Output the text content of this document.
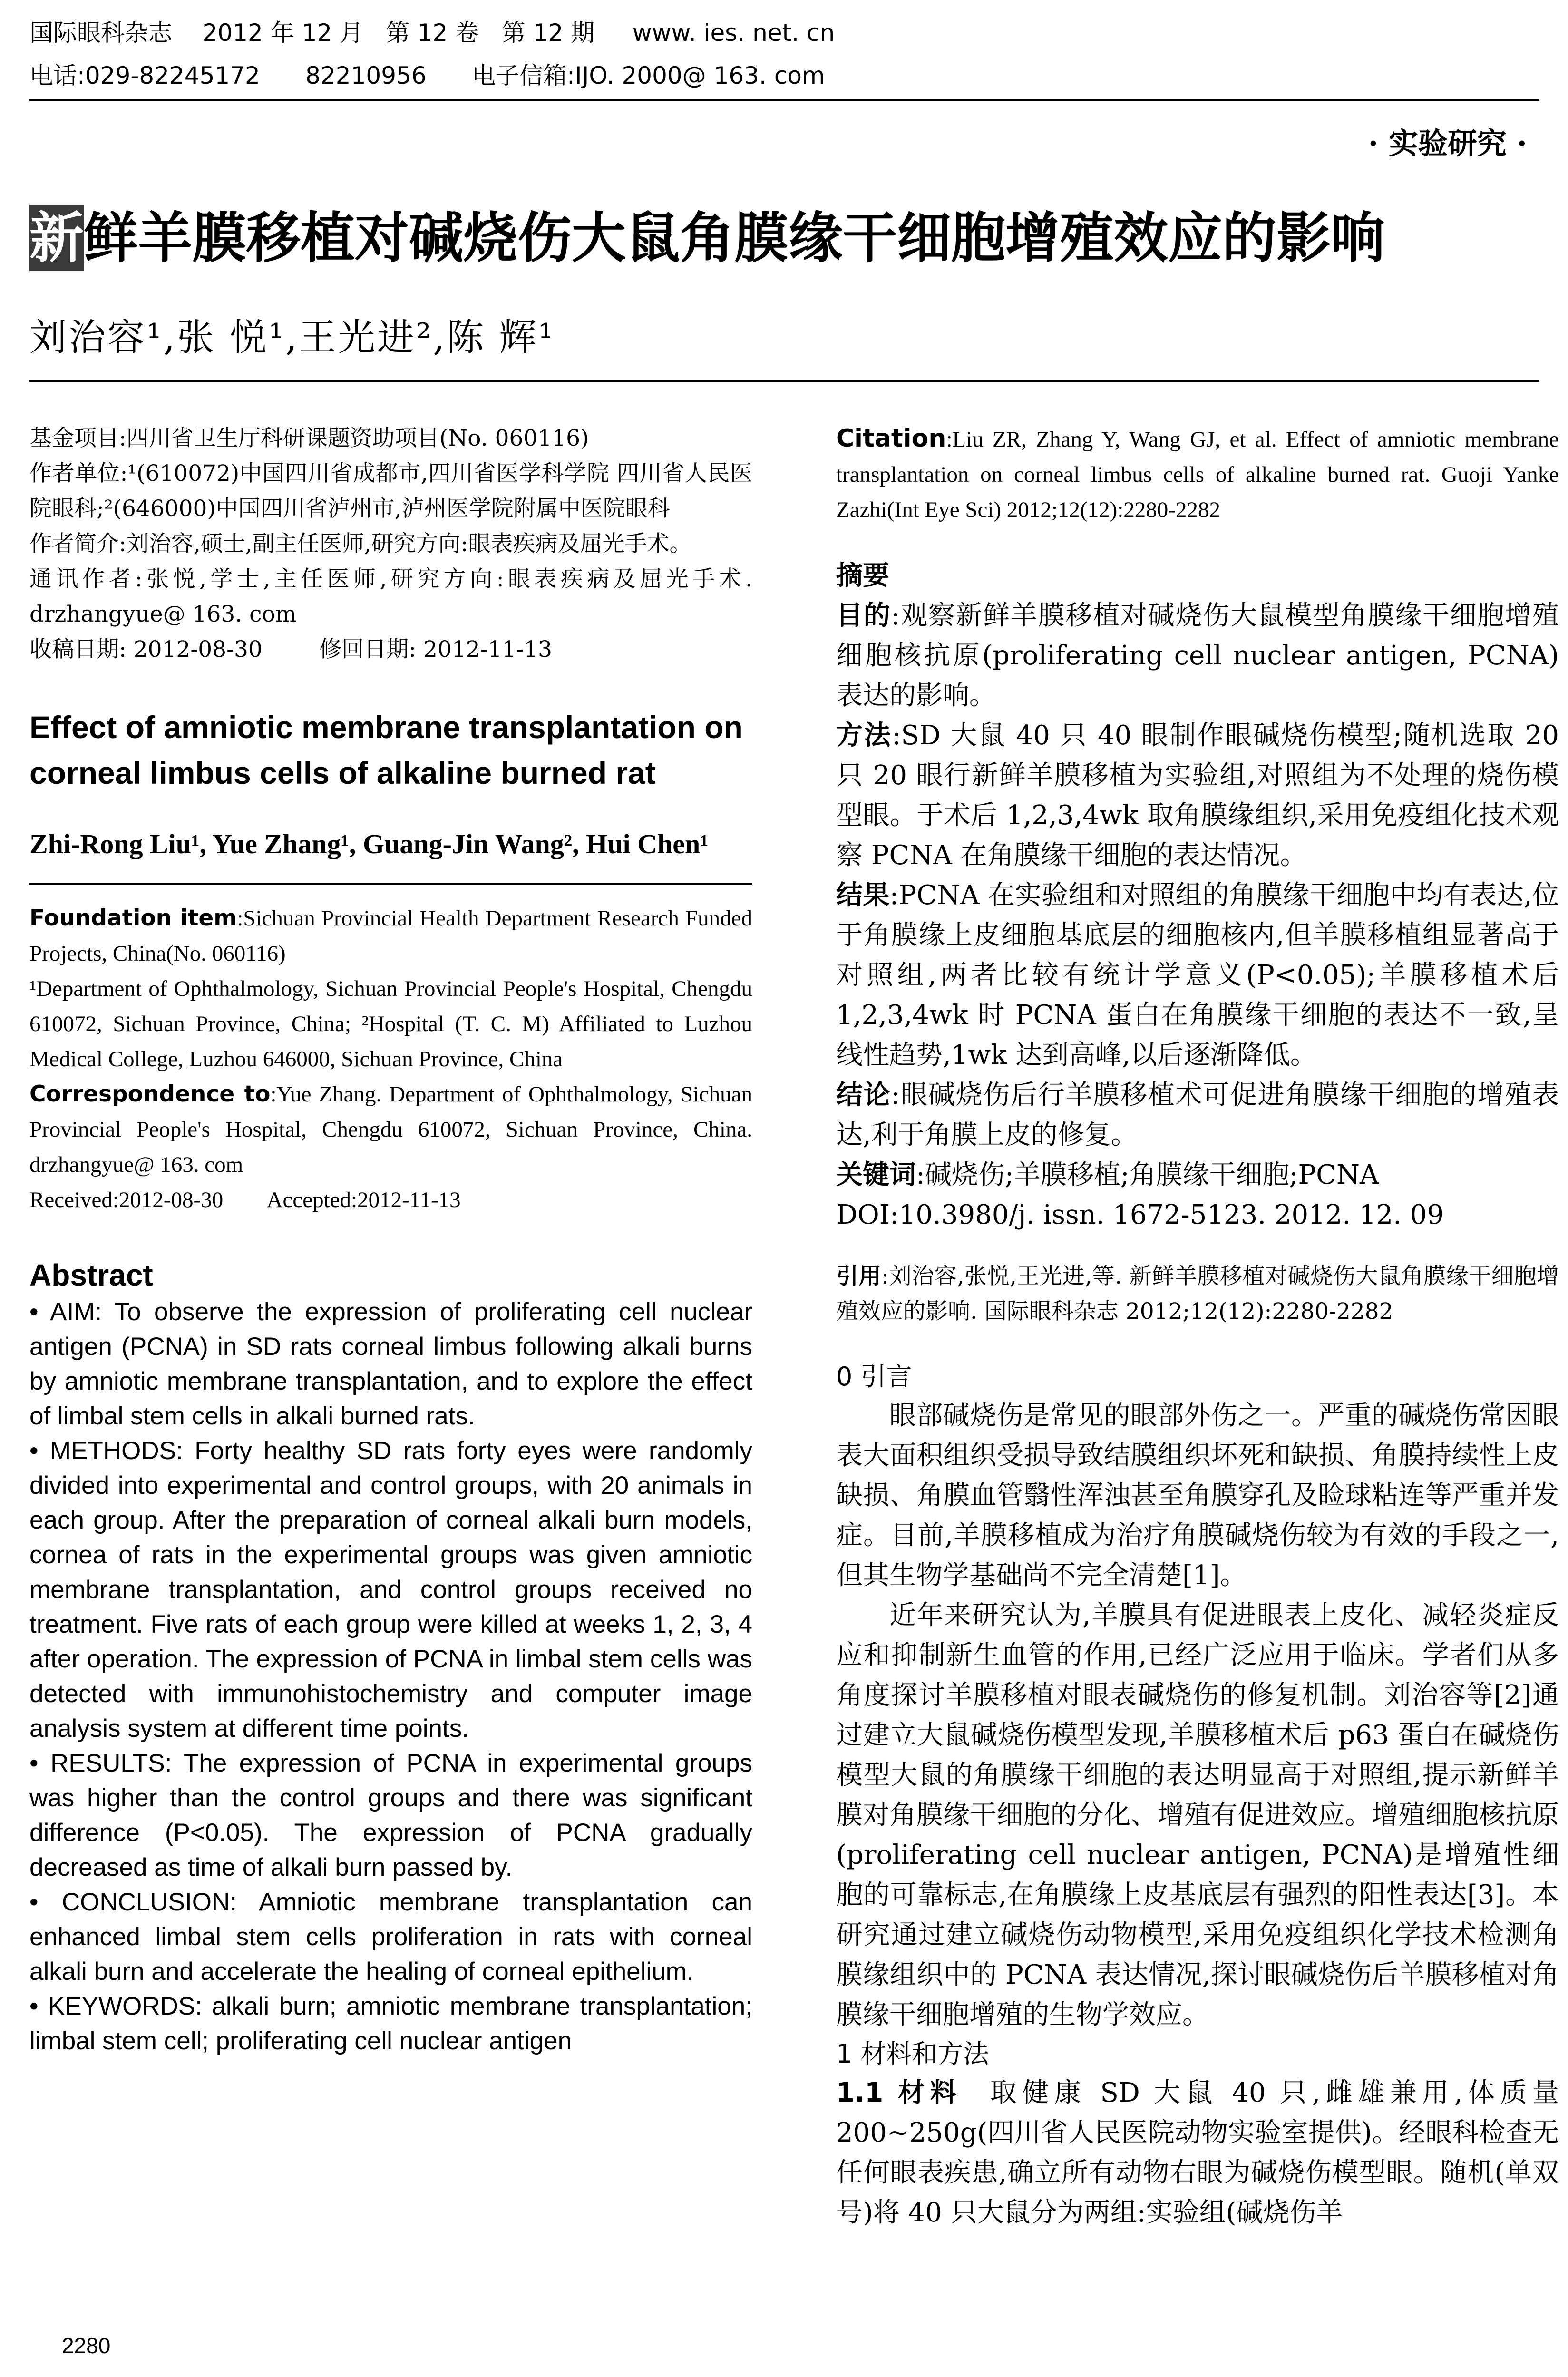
国际眼科杂志    2012 年 12 月   第 12 卷   第 12 期     www. ies. net. cn
电话:029-82245172      82210956      电子信箱:IJO. 2000@ 163. com
· 实验研究 ·
新鲜羊膜移植对碱烧伤大鼠角膜缘干细胞增殖效应的影响
刘治容¹,张 悦¹,王光进²,陈 辉¹

基金项目:四川省卫生厅科研课题资助项目(No. 060116)

作者单位:¹(610072)中国四川省成都市,四川省医学科学院 四川省人民医院眼科;²(646000)中国四川省泸州市,泸州医学院附属中医院眼科

作者简介:刘治容,硕士,副主任医师,研究方向:眼表疾病及屈光手术。

通讯作者:张悦,学士,主任医师,研究方向:眼表疾病及屈光手术. drzhangyue@ 163. com

收稿日期: 2012-08-30        修回日期: 2012-11-13

Effect of amniotic membrane transplantation on corneal limbus cells of alkaline burned rat
Zhi-Rong Liu¹, Yue Zhang¹, Guang-Jin Wang², Hui Chen¹

Foundation item:Sichuan Provincial Health Department Research Funded Projects, China(No. 060116)

¹Department of Ophthalmology, Sichuan Provincial People's Hospital, Chengdu 610072, Sichuan Province, China; ²Hospital (T. C. M) Affiliated to Luzhou Medical College, Luzhou 646000, Sichuan Province, China

Correspondence to:Yue Zhang. Department of Ophthalmology, Sichuan Provincial People's Hospital, Chengdu 610072, Sichuan Province, China. drzhangyue@ 163. com

Received:2012-08-30        Accepted:2012-11-13

Abstract

• AIM: To observe the expression of proliferating cell nuclear antigen (PCNA) in SD rats corneal limbus following alkali burns by amniotic membrane transplantation, and to explore the effect of limbal stem cells in alkali burned rats.

• METHODS: Forty healthy SD rats forty eyes were randomly divided into experimental and control groups, with 20 animals in each group. After the preparation of corneal alkali burn models, cornea of rats in the experimental groups was given amniotic membrane transplantation, and control groups received no treatment. Five rats of each group were killed at weeks 1, 2, 3, 4 after operation. The expression of PCNA in limbal stem cells was detected with immunohistochemistry and computer image analysis system at different time points.

• RESULTS: The expression of PCNA in experimental groups was higher than the control groups and there was significant difference (P<0.05). The expression of PCNA gradually decreased as time of alkali burn passed by.

• CONCLUSION: Amniotic membrane transplantation can enhanced limbal stem cells proliferation in rats with corneal alkali burn and accelerate the healing of corneal epithelium.

• KEYWORDS: alkali burn; amniotic membrane transplantation; limbal stem cell; proliferating cell nuclear antigen

2280

Citation:Liu ZR, Zhang Y, Wang GJ, et al. Effect of amniotic membrane transplantation on corneal limbus cells of alkaline burned rat. Guoji Yanke Zazhi(Int Eye Sci) 2012;12(12):2280-2282

摘要

目的:观察新鲜羊膜移植对碱烧伤大鼠模型角膜缘干细胞增殖细胞核抗原(proliferating cell nuclear antigen, PCNA)表达的影响。

方法:SD 大鼠 40 只 40 眼制作眼碱烧伤模型;随机选取 20 只 20 眼行新鲜羊膜移植为实验组,对照组为不处理的烧伤模型眼。于术后 1,2,3,4wk 取角膜缘组织,采用免疫组化技术观察 PCNA 在角膜缘干细胞的表达情况。

结果:PCNA 在实验组和对照组的角膜缘干细胞中均有表达,位于角膜缘上皮细胞基底层的细胞核内,但羊膜移植组显著高于对照组,两者比较有统计学意义(P<0.05);羊膜移植术后 1,2,3,4wk 时 PCNA 蛋白在角膜缘干细胞的表达不一致,呈线性趋势,1wk 达到高峰,以后逐渐降低。

结论:眼碱烧伤后行羊膜移植术可促进角膜缘干细胞的增殖表达,利于角膜上皮的修复。

关键词:碱烧伤;羊膜移植;角膜缘干细胞;PCNA

DOI:10.3980/j. issn. 1672-5123. 2012. 12. 09

引用:刘治容,张悦,王光进,等. 新鲜羊膜移植对碱烧伤大鼠角膜缘干细胞增殖效应的影响. 国际眼科杂志 2012;12(12):2280-2282

0 引言

眼部碱烧伤是常见的眼部外伤之一。严重的碱烧伤常因眼表大面积组织受损导致结膜组织坏死和缺损、角膜持续性上皮缺损、角膜血管翳性浑浊甚至角膜穿孔及睑球粘连等严重并发症。目前,羊膜移植成为治疗角膜碱烧伤较为有效的手段之一,但其生物学基础尚不完全清楚[1]。

近年来研究认为,羊膜具有促进眼表上皮化、减轻炎症反应和抑制新生血管的作用,已经广泛应用于临床。学者们从多角度探讨羊膜移植对眼表碱烧伤的修复机制。刘治容等[2]通过建立大鼠碱烧伤模型发现,羊膜移植术后 p63 蛋白在碱烧伤模型大鼠的角膜缘干细胞的表达明显高于对照组,提示新鲜羊膜对角膜缘干细胞的分化、增殖有促进效应。增殖细胞核抗原(proliferating cell nuclear antigen, PCNA)是增殖性细胞的可靠标志,在角膜缘上皮基底层有强烈的阳性表达[3]。本研究通过建立碱烧伤动物模型,采用免疫组织化学技术检测角膜缘组织中的 PCNA 表达情况,探讨眼碱烧伤后羊膜移植对角膜缘干细胞增殖的生物学效应。

1 材料和方法

1.1 材料  取健康 SD 大鼠 40 只,雌雄兼用,体质量 200~250g(四川省人民医院动物实验室提供)。经眼科检查无任何眼表疾患,确立所有动物右眼为碱烧伤模型眼。随机(单双号)将 40 只大鼠分为两组:实验组(碱烧伤羊
